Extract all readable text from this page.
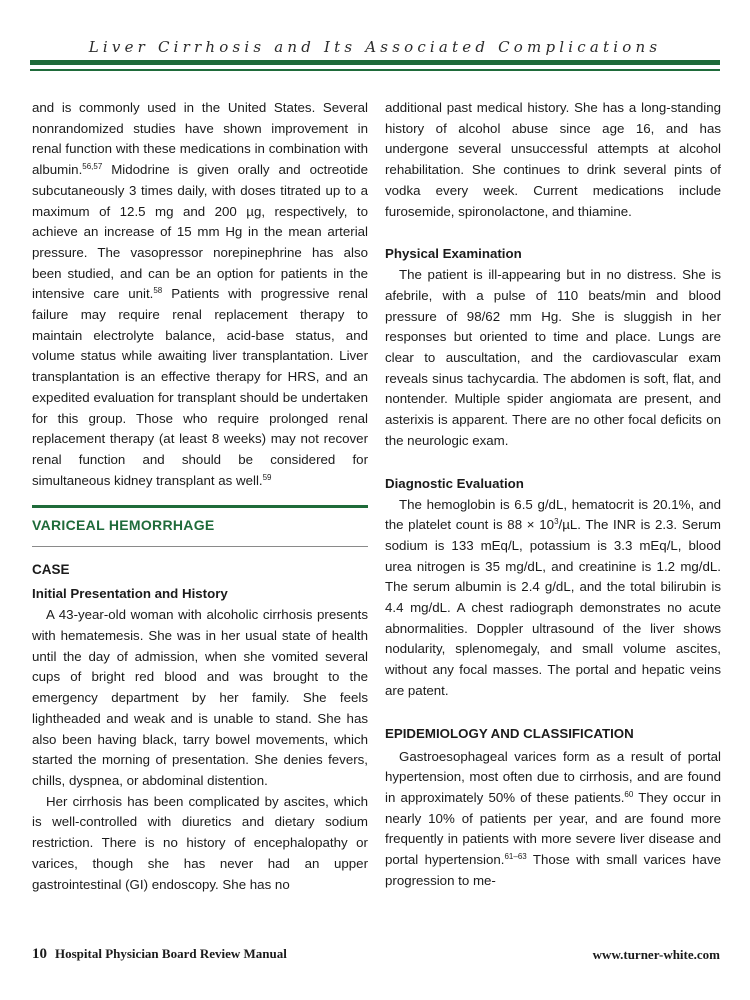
Liver Cirrhosis and Its Associated Complications

and is commonly used in the United States. Several nonrandomized studies have shown improvement in renal function with these medications in combination with albumin.$^{56,57}$ Midodrine is given orally and octreotide subcutaneously 3 times daily, with doses titrated up to a maximum of 12.5 mg and 200 µg, respectively, to achieve an increase of 15 mm Hg in the mean arterial pressure. The vasopressor norepinephrine has also been studied, and can be an option for patients in the intensive care unit.$^{58}$ Patients with progressive renal failure may require renal replacement therapy to maintain electrolyte balance, acid-base status, and volume status while awaiting liver transplantation. Liver transplantation is an effective therapy for HRS, and an expedited evaluation for transplant should be undertaken for this group. Those who require prolonged renal replacement therapy (at least 8 weeks) may not recover renal function and should be considered for simultaneous kidney transplant as well.$^{59}$

VARICEAL HEMORRHAGE
CASE
Initial Presentation and History

A 43-year-old woman with alcoholic cirrhosis presents with hematemesis. She was in her usual state of health until the day of admission, when she vomited several cups of bright red blood and was brought to the emergency department by her family. She feels lightheaded and weak and is unable to stand. She has also been having black, tarry bowel movements, which started the morning of presentation. She denies fevers, chills, dyspnea, or abdominal distention.

Her cirrhosis has been complicated by ascites, which is well-controlled with diuretics and dietary sodium restriction. There is no history of encephalopathy or varices, though she has never had an upper gastrointestinal (GI) endoscopy. She has no

additional past medical history. She has a long-standing history of alcohol abuse since age 16, and has undergone several unsuccessful attempts at alcohol rehabilitation. She continues to drink several pints of vodka every week. Current medications include furosemide, spironolactone, and thiamine.

Physical Examination

The patient is ill-appearing but in no distress. She is afebrile, with a pulse of 110 beats/min and blood pressure of 98/62 mm Hg. She is sluggish in her responses but oriented to time and place. Lungs are clear to auscultation, and the cardiovascular exam reveals sinus tachycardia. The abdomen is soft, flat, and nontender. Multiple spider angiomata are present, and asterixis is apparent. There are no other focal deficits on the neurologic exam.

Diagnostic Evaluation

The hemoglobin is 6.5 g/dL, hematocrit is 20.1%, and the platelet count is $88 \times 10^3/\mu L$. The INR is 2.3. Serum sodium is 133 mEq/L, potassium is 3.3 mEq/L, blood urea nitrogen is 35 mg/dL, and creatinine is 1.2 mg/dL. The serum albumin is 2.4 g/dL, and the total bilirubin is 4.4 mg/dL. A chest radiograph demonstrates no acute abnormalities. Doppler ultrasound of the liver shows nodularity, splenomegaly, and small volume ascites, without any focal masses. The portal and hepatic veins are patent.

EPIDEMIOLOGY AND CLASSIFICATION

Gastroesophageal varices form as a result of portal hypertension, most often due to cirrhosis, and are found in approximately 50% of these patients.$^{60}$ They occur in nearly 10% of patients per year, and are found more frequently in patients with more severe liver disease and portal hypertension.$^{61-63}$ Those with small varices have progression to me-

10 Hospital Physician Board Review Manual	www.turner-white.com
